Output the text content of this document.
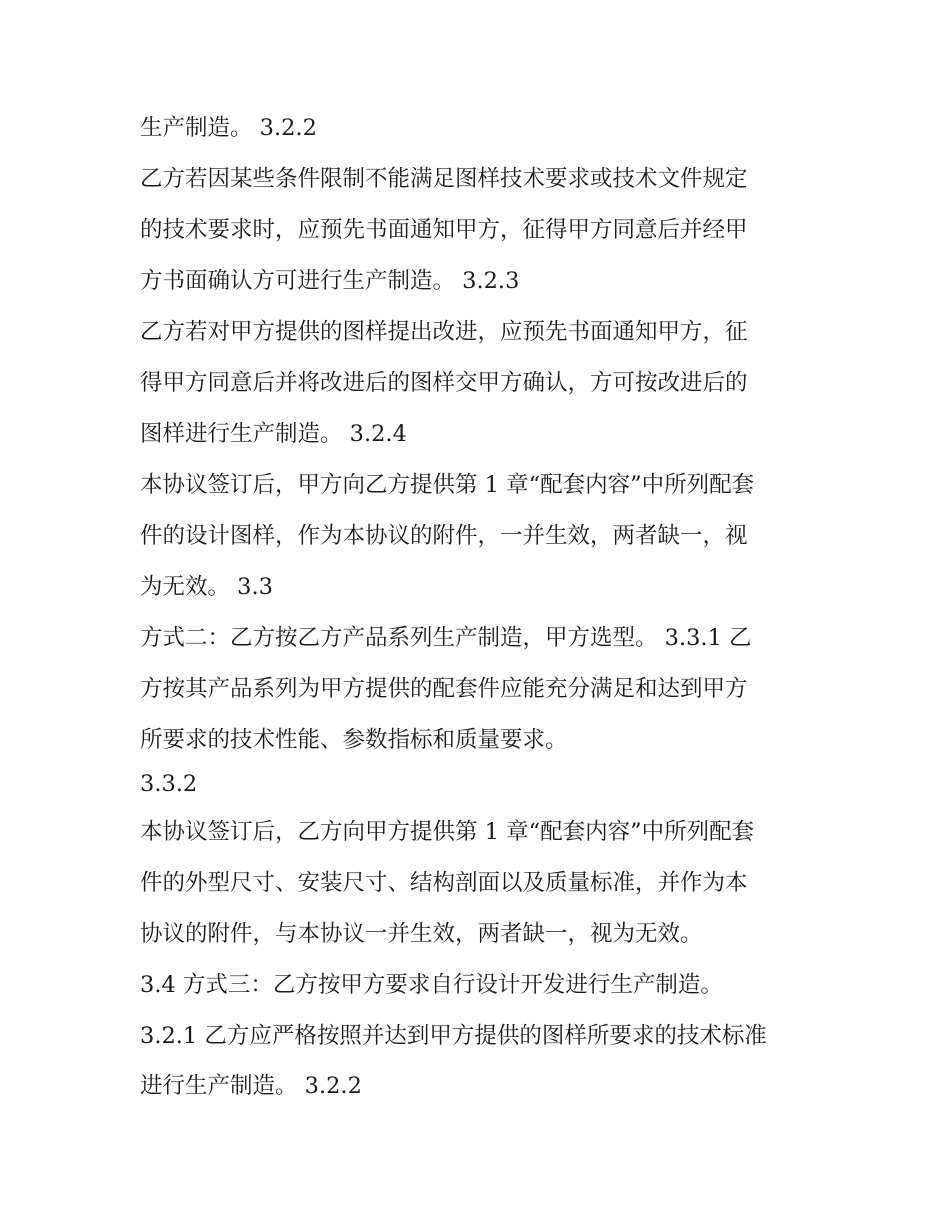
生产制造。 3.2.2
乙方若因某些条件限制不能满足图样技术要求或技术文件规定
的技术要求时，应预先书面通知甲方，征得甲方同意后并经甲
方书面确认方可进行生产制造。 3.2.3
乙方若对甲方提供的图样提出改进，应预先书面通知甲方，征
得甲方同意后并将改进后的图样交甲方确认，方可按改进后的
图样进行生产制造。 3.2.4
本协议签订后，甲方向乙方提供第 1 章“配套内容”中所列配套
件的设计图样，作为本协议的附件，一并生效，两者缺一，视
为无效。 3.3
方式二：乙方按乙方产品系列生产制造，甲方选型。 3.3.1 乙
方按其产品系列为甲方提供的配套件应能充分满足和达到甲方
所要求的技术性能、参数指标和质量要求。
3.3.2
本协议签订后，乙方向甲方提供第 1 章“配套内容”中所列配套
件的外型尺寸、安装尺寸、结构剖面以及质量标准，并作为本
协议的附件，与本协议一并生效，两者缺一，视为无效。
3.4 方式三：乙方按甲方要求自行设计开发进行生产制造。
3.2.1 乙方应严格按照并达到甲方提供的图样所要求的技术标准
进行生产制造。 3.2.2
